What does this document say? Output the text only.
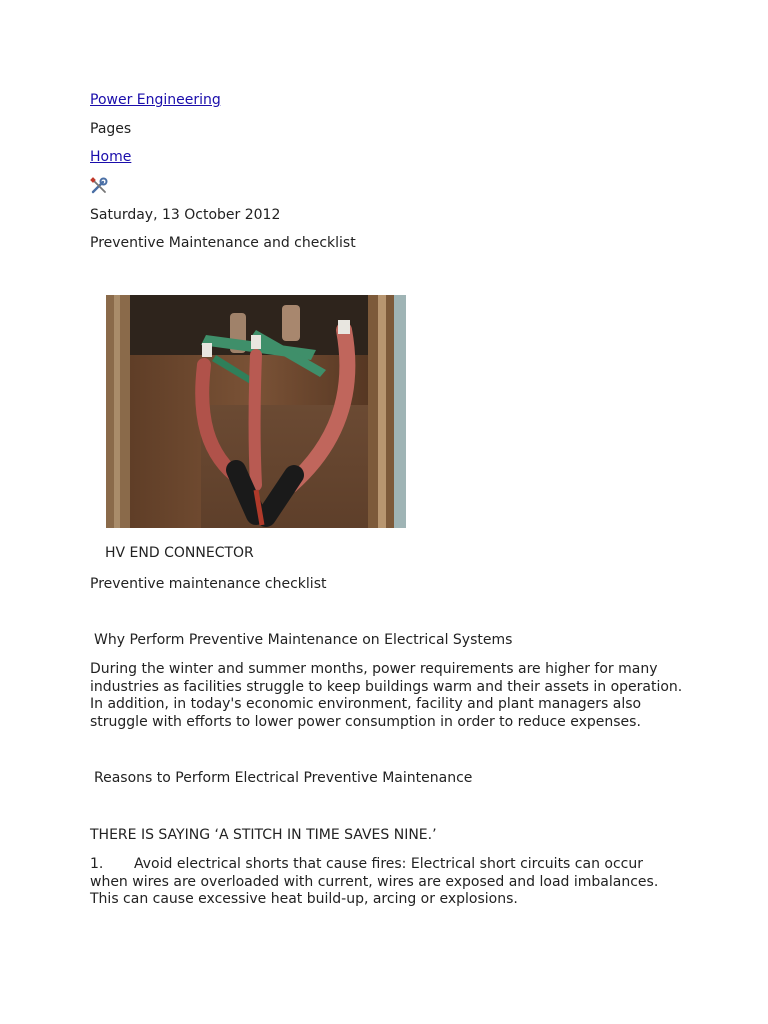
Power Engineering
Pages
Home
Saturday, 13 October 2012
Preventive Maintenance and checklist
HV END CONNECTOR
Preventive maintenance checklist
Why Perform Preventive Maintenance on Electrical Systems
During the winter and summer months, power requirements are higher for many industries as facilities struggle to keep buildings warm and their assets in operation. In addition, in today's economic environment, facility and plant managers also struggle with efforts to lower power consumption in order to reduce expenses.
Reasons to Perform Electrical Preventive Maintenance
THERE IS SAYING ‘A STITCH IN TIME SAVES NINE.’
1. Avoid electrical shorts that cause fires: Electrical short circuits can occur when wires are overloaded with current, wires are exposed and load imbalances. This can cause excessive heat build-up, arcing or explosions.
